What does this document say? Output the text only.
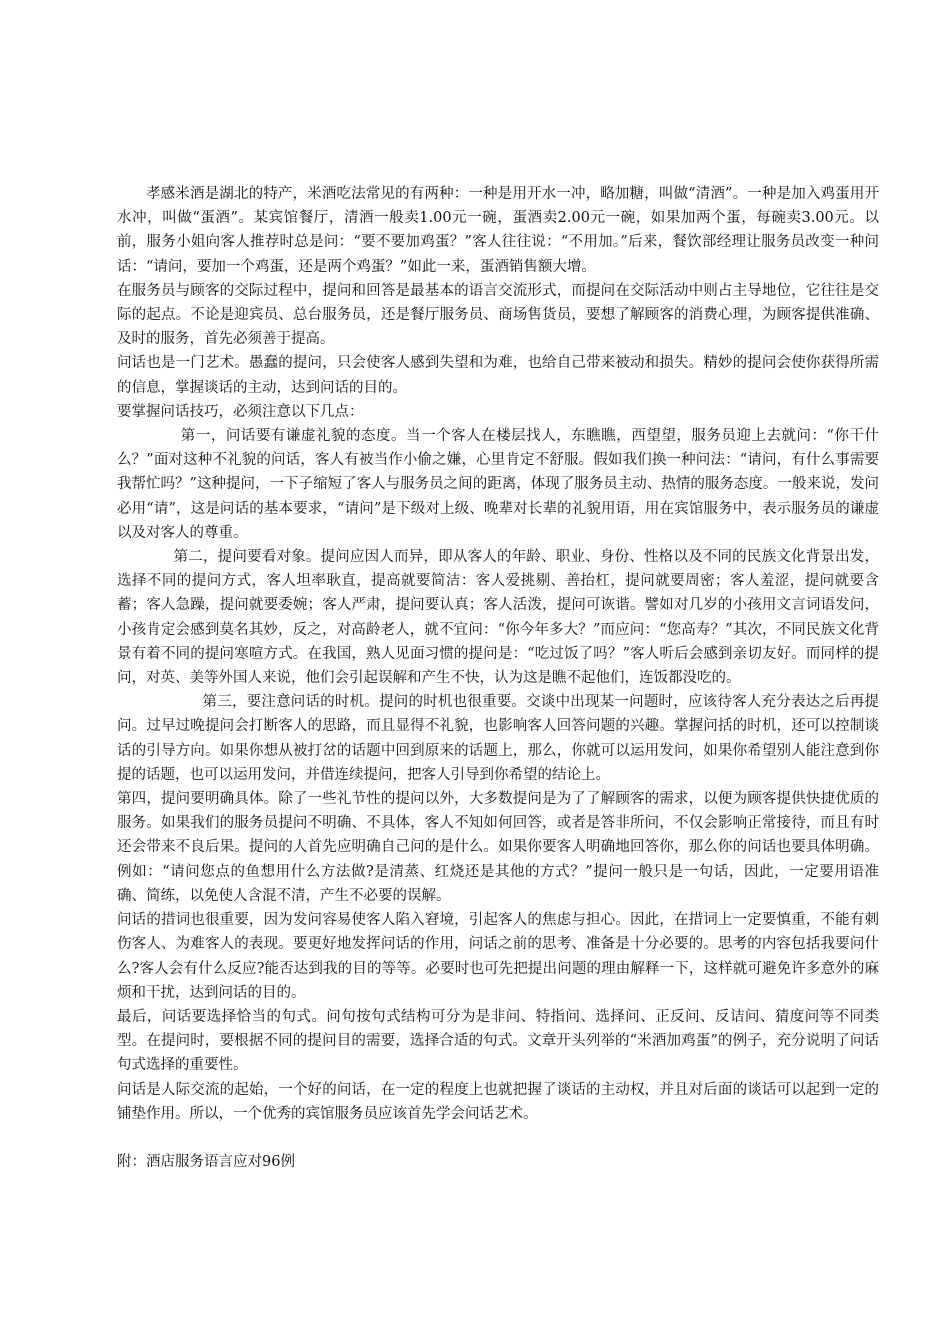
孝感米酒是湖北的特产，米酒吃法常见的有两种：一种是用开水一冲，略加糖，叫做“清酒”。一种是加入鸡蛋用开水冲，叫做“蛋酒”。某宾馆餐厅，清酒一般卖1.00元一碗，蛋酒卖2.00元一碗，如果加两个蛋，每碗卖3.00元。以前，服务小姐向客人推荐时总是问：“要不要加鸡蛋？”客人往往说：“不用加。”后来，餐饮部经理让服务员改变一种问话：“请问，要加一个鸡蛋，还是两个鸡蛋？”如此一来，蛋酒销售额大增。

在服务员与顾客的交际过程中，提问和回答是最基本的语言交流形式，而提问在交际活动中则占主导地位，它往往是交际的起点。不论是迎宾员、总台服务员，还是餐厅服务员、商场售货员，要想了解顾客的消费心理，为顾客提供准确、及时的服务，首先必须善于提高。

问话也是一门艺术。愚蠢的提问，只会使客人感到失望和为难，也给自己带来被动和损失。精妙的提问会使你获得所需的信息，掌握谈话的主动，达到问话的目的。

要掌握问话技巧，必须注意以下几点：

第一，问话要有谦虚礼貌的态度。当一个客人在楼层找人，东瞧瞧，西望望，服务员迎上去就问：“你干什么？”面对这种不礼貌的问话，客人有被当作小偷之嫌，心里肯定不舒服。假如我们换一种问法：“请问，有什么事需要我帮忙吗？”这种提问，一下子缩短了客人与服务员之间的距离，体现了服务员主动、热情的服务态度。一般来说，发问必用“请”，这是问话的基本要求，“请问”是下级对上级、晚辈对长辈的礼貌用语，用在宾馆服务中，表示服务员的谦虚以及对客人的尊重。

第二，提问要看对象。提问应因人而异，即从客人的年龄、职业、身份、性格以及不同的民族文化背景出发，选择不同的提问方式，客人坦率耿直，提高就要简洁：客人爱挑剔、善抬杠，提问就要周密；客人羞涩，提问就要含蓄；客人急躁，提问就要委婉；客人严肃，提问要认真；客人活泼，提问可诙谐。譬如对几岁的小孩用文言词语发问，小孩肯定会感到莫名其妙，反之，对高龄老人，就不宜问：“你今年多大？”而应问：“您高寿？”其次，不同民族文化背景有着不同的提问寒喧方式。在我国，熟人见面习惯的提问是：“吃过饭了吗？”客人听后会感到亲切友好。而同样的提问，对英、美等外国人来说，他们会引起误解和产生不快，认为这是瞧不起他们，连饭都没吃的。

第三，要注意问话的时机。提问的时机也很重要。交谈中出现某一问题时，应该待客人充分表达之后再提问。过早过晚提问会打断客人的思路，而且显得不礼貌，也影响客人回答问题的兴趣。掌握问括的时机，还可以控制谈话的引导方向。如果你想从被打岔的话题中回到原来的话题上，那么，你就可以运用发问，如果你希望别人能注意到你提的话题，也可以运用发问，并借连续提问，把客人引导到你希望的结论上。

第四，提问要明确具体。除了一些礼节性的提问以外，大多数提问是为了了解顾客的需求，以便为顾客提供快捷优质的服务。如果我们的服务员提问不明确、不具体，客人不知如何回答，或者是答非所问，不仅会影响正常接待，而且有时还会带来不良后果。提问的人首先应明确自己问的是什么。如果你要客人明确地回答你，那么你的问话也要具体明确。例如：“请问您点的鱼想用什么方法做?是清蒸、红烧还是其他的方式？”提问一般只是一句话，因此，一定要用语准确、简练，以免使人含混不清，产生不必要的误解。

问话的措词也很重要，因为发问容易使客人陷入窘境，引起客人的焦虑与担心。因此，在措词上一定要慎重，不能有刺伤客人、为难客人的表现。要更好地发挥问话的作用，问话之前的思考、准备是十分必要的。思考的内容包括我要问什么?客人会有什么反应?能否达到我的目的等等。必要时也可先把提出问题的理由解释一下，这样就可避免许多意外的麻烦和干扰，达到问话的目的。

最后，问话要选择恰当的句式。问句按句式结构可分为是非问、特指问、选择问、正反问、反诘问、猜度问等不同类型。在提问时，要根据不同的提问目的需要，选择合适的句式。文章开头列举的“米酒加鸡蛋”的例子，充分说明了问话句式选择的重要性。

问话是人际交流的起始，一个好的问话，在一定的程度上也就把握了谈话的主动权，并且对后面的谈话可以起到一定的铺垫作用。所以，一个优秀的宾馆服务员应该首先学会问话艺术。

附：酒店服务语言应对96例
